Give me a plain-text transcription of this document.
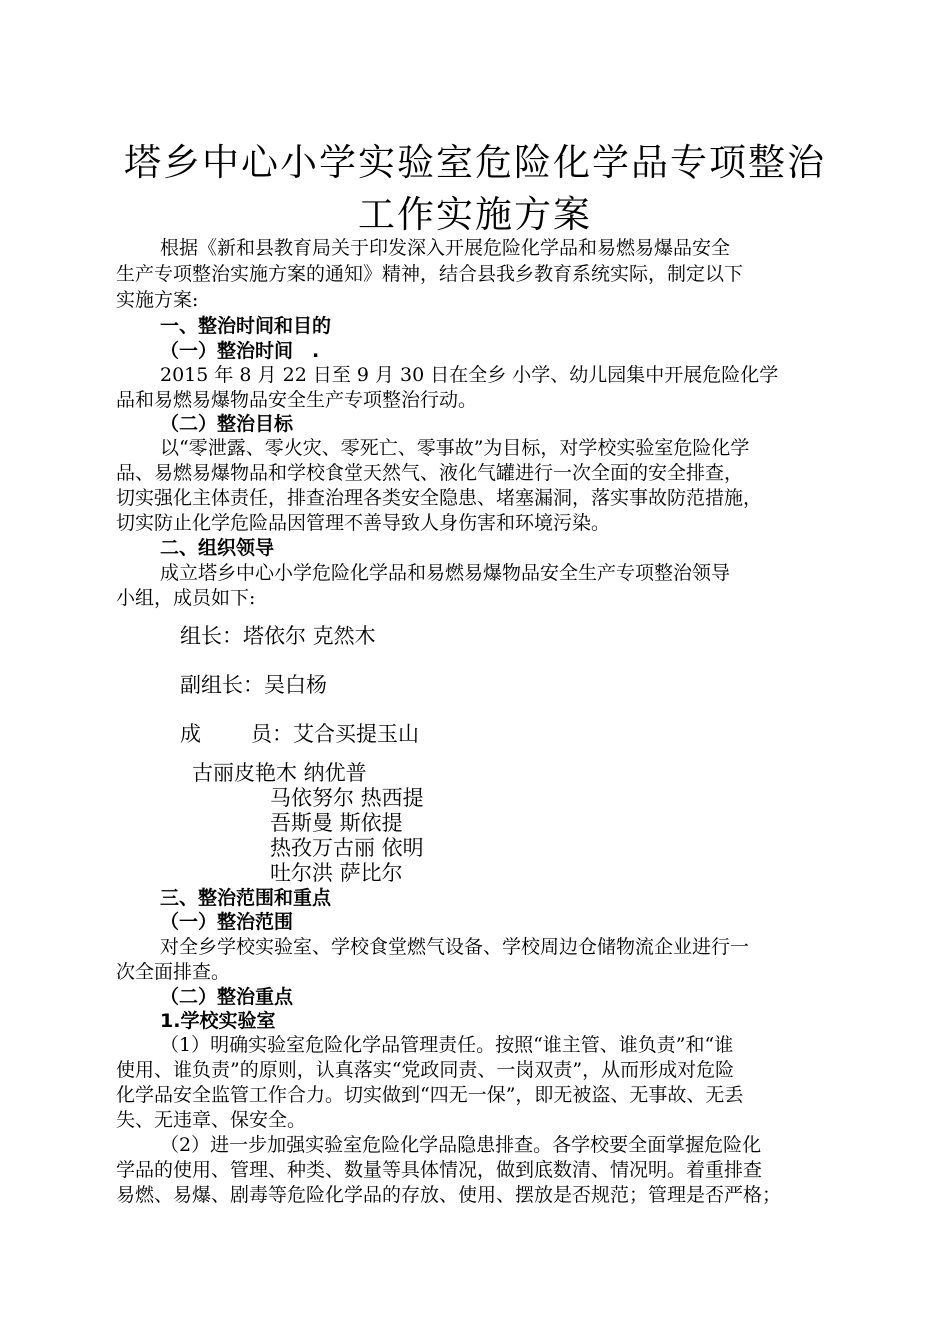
塔乡中心小学实验室危险化学品专项整治
工作实施方案
根据《新和县教育局关于印发深入开展危险化学品和易燃易爆品安全
生产专项整治实施方案的通知》精神，结合县我乡教育系统实际，制定以下
实施方案:
一、整治时间和目的
（一）整治时间　.
2015 年 8 月 22 日至 9 月 30 日在全乡 小学、幼儿园集中开展危险化学
品和易燃易爆物品安全生产专项整治行动。
（二）整治目标
以“零泄露、零火灾、零死亡、零事故”为目标，对学校实验室危险化学
品、易燃易爆物品和学校食堂天然气、液化气罐进行一次全面的安全排查，
切实强化主体责任，排查治理各类安全隐患、堵塞漏洞，落实事故防范措施，
切实防止化学危险品因管理不善导致人身伤害和环境污染。
二、组织领导
成立塔乡中心小学危险化学品和易燃易爆物品安全生产专项整治领导
小组，成员如下:
组长：塔依尔 克然木
副组长：吴白杨
成 员：艾合买提玉山
古丽皮艳木 纳优普
马依努尔 热西提
吾斯曼 斯依提
热孜万古丽 依明
吐尔洪 萨比尔
三、整治范围和重点
（一）整治范围
对全乡学校实验室、学校食堂燃气设备、学校周边仓储物流企业进行一
次全面排查。
（二）整治重点
1.学校实验室
（1）明确实验室危险化学品管理责任。按照“谁主管、谁负责”和“谁
使用、谁负责”的原则，认真落实“党政同责、一岗双责”，从而形成对危险
化学品安全监管工作合力。切实做到“四无一保”，即无被盗、无事故、无丢
失、无违章、保安全。
（2）进一步加强实验室危险化学品隐患排查。各学校要全面掌握危险化
学品的使用、管理、种类、数量等具体情况，做到底数清、情况明。着重排查
易燃、易爆、剧毒等危险化学品的存放、使用、摆放是否规范；管理是否严格；
